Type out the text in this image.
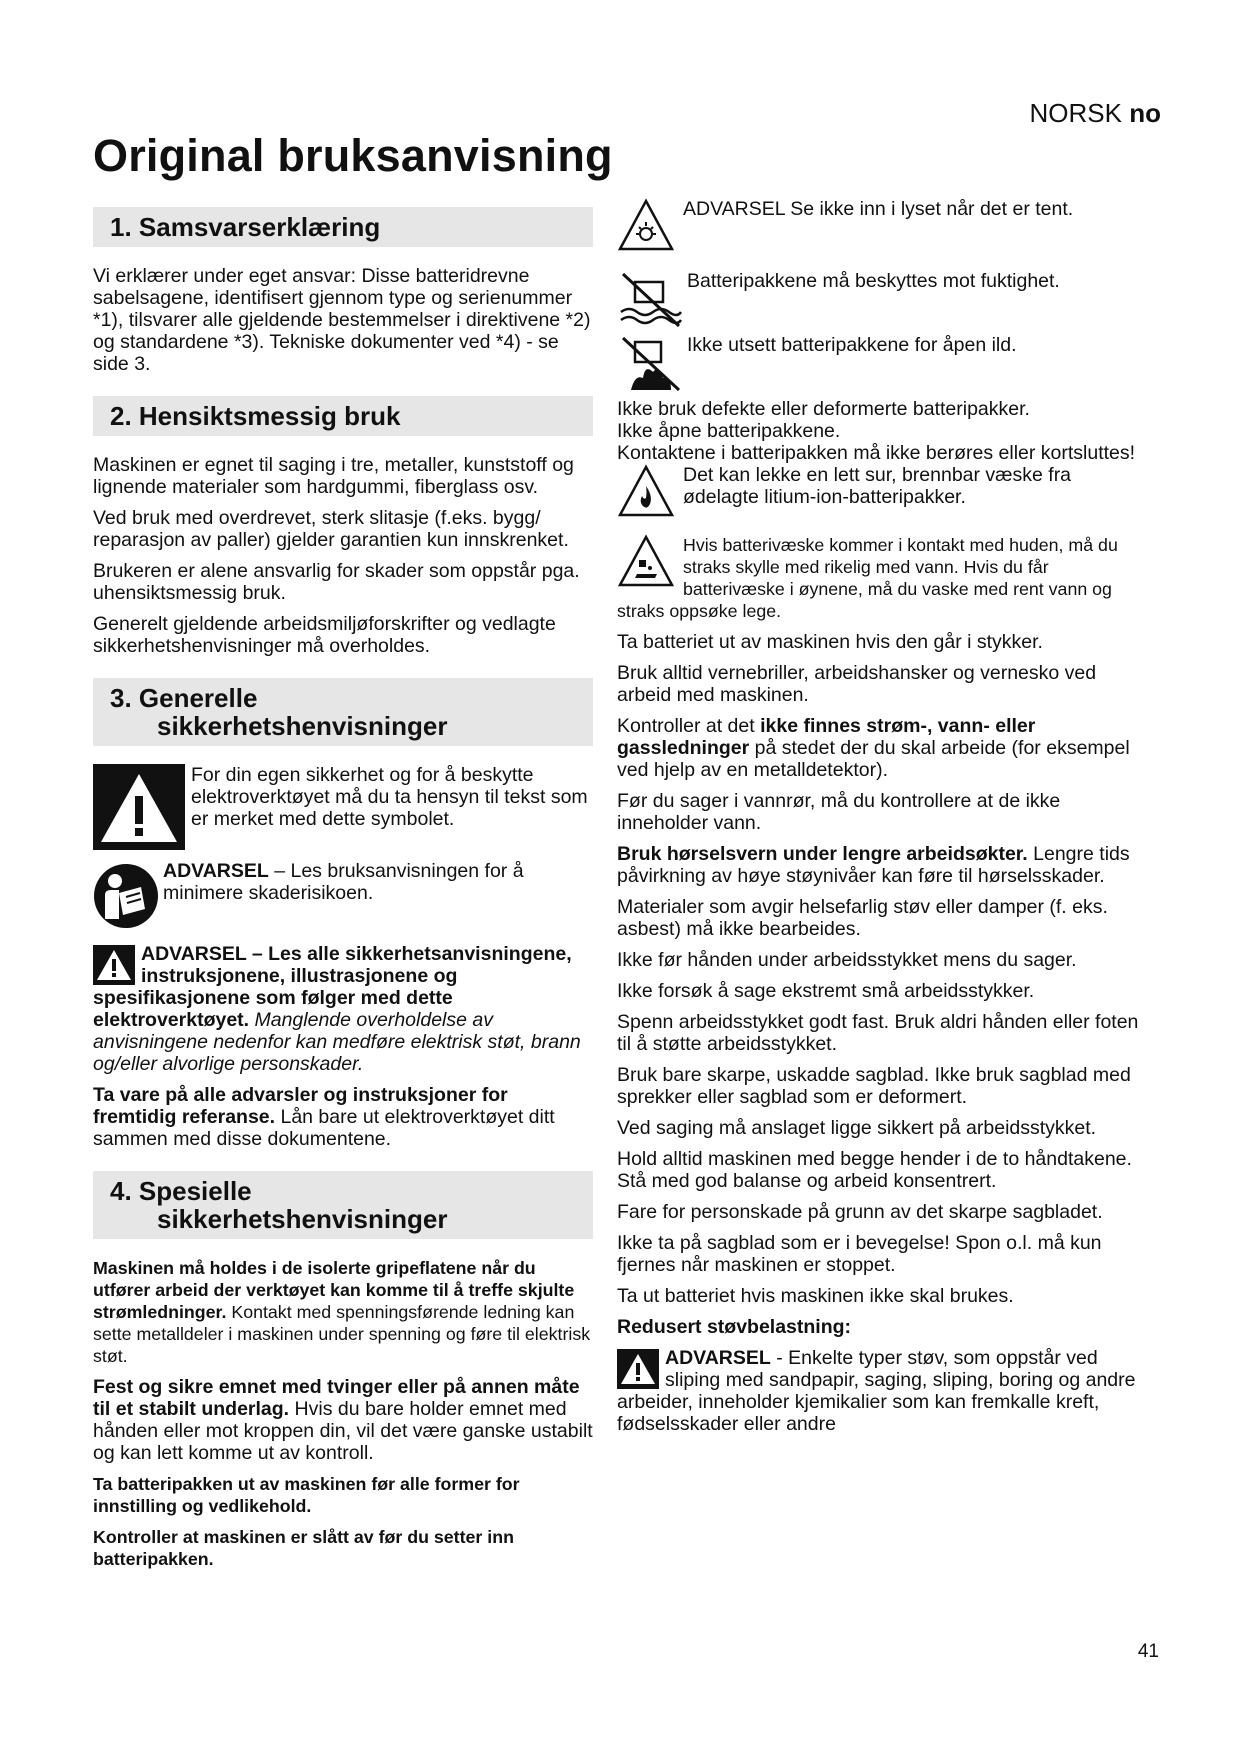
NORSK no
Original bruksanvisning
1. Samsvarserklæring

Vi erklærer under eget ansvar: Disse batteridrevne sabelsagene, identifisert gjennom type og serienummer *1), tilsvarer alle gjeldende bestemmelser i direktivene *2) og standardene *3). Tekniske dokumenter ved *4) - se side 3.

2. Hensiktsmessig bruk

Maskinen er egnet til saging i tre, metaller, kunststoff og lignende materialer som hardgummi, fiberglass osv.

Ved bruk med overdrevet, sterk slitasje (f.eks. bygg/ reparasjon av paller) gjelder garantien kun innskrenket.

Brukeren er alene ansvarlig for skader som oppstår pga. uhensiktsmessig bruk.

Generelt gjeldende arbeidsmiljøforskrifter og vedlagte sikkerhetshenvisninger må overholdes.

3. Generelle
sikkerhetshenvisninger

For din egen sikkerhet og for å beskytte elektroverktøyet må du ta hensyn til tekst som er merket med dette symbolet.

ADVARSEL – Les bruksanvisningen for å minimere skaderisikoen.

ADVARSEL – Les alle sikkerhetsanvisningene, instruksjonene, illustrasjonene og spesifikasjonene som følger med dette elektroverktøyet. Manglende overholdelse av anvisningene nedenfor kan medføre elektrisk støt, brann og/eller alvorlige personskader.

Ta vare på alle advarsler og instruksjoner for fremtidig referanse. Lån bare ut elektroverktøyet ditt sammen med disse dokumentene.

4. Spesielle
sikkerhetshenvisninger

Maskinen må holdes i de isolerte gripeflatene når du utfører arbeid der verktøyet kan komme til å treffe skjulte strømledninger. Kontakt med spenningsførende ledning kan sette metalldeler i maskinen under spenning og føre til elektrisk støt.

Fest og sikre emnet med tvinger eller på annen måte til et stabilt underlag. Hvis du bare holder emnet med hånden eller mot kroppen din, vil det være ganske ustabilt og kan lett komme ut av kontroll.

Ta batteripakken ut av maskinen før alle former for innstilling og vedlikehold.

Kontroller at maskinen er slått av før du setter inn batteripakken.

ADVARSEL Se ikke inn i lyset når det er tent.

Batteripakkene må beskyttes mot fuktighet.

Ikke utsett batteripakkene for åpen ild.

Ikke bruk defekte eller deformerte batteripakker.

Ikke åpne batteripakkene.

Kontaktene i batteripakken må ikke berøres eller kortsluttes!

Det kan lekke en lett sur, brennbar væske fra ødelagte litium-ion-batteripakker.

Hvis batterivæske kommer i kontakt med huden, må du straks skylle med rikelig med vann. Hvis du får batterivæske i øynene, må du vaske med rent vann og straks oppsøke lege.

Ta batteriet ut av maskinen hvis den går i stykker.

Bruk alltid vernebriller, arbeidshansker og vernesko ved arbeid med maskinen.

Kontroller at det ikke finnes strøm-, vann- eller gassledninger på stedet der du skal arbeide (for eksempel ved hjelp av en metalldetektor).

Før du sager i vannrør, må du kontrollere at de ikke inneholder vann.

Bruk hørselsvern under lengre arbeidsøkter. Lengre tids påvirkning av høye støynivåer kan føre til hørselsskader.

Materialer som avgir helsefarlig støv eller damper (f. eks. asbest) må ikke bearbeides.

Ikke før hånden under arbeidsstykket mens du sager.

Ikke forsøk å sage ekstremt små arbeidsstykker.

Spenn arbeidsstykket godt fast. Bruk aldri hånden eller foten til å støtte arbeidsstykket.

Bruk bare skarpe, uskadde sagblad. Ikke bruk sagblad med sprekker eller sagblad som er deformert.

Ved saging må anslaget ligge sikkert på arbeidsstykket.

Hold alltid maskinen med begge hender i de to håndtakene. Stå med god balanse og arbeid konsentrert.

Fare for personskade på grunn av det skarpe sagbladet.

Ikke ta på sagblad som er i bevegelse! Spon o.l. må kun fjernes når maskinen er stoppet.

Ta ut batteriet hvis maskinen ikke skal brukes.

Redusert støvbelastning:

ADVARSEL - Enkelte typer støv, som oppstår ved sliping med sandpapir, saging, sliping, boring og andre arbeider, inneholder kjemikalier som kan fremkalle kreft, fødselsskader eller andre

41
